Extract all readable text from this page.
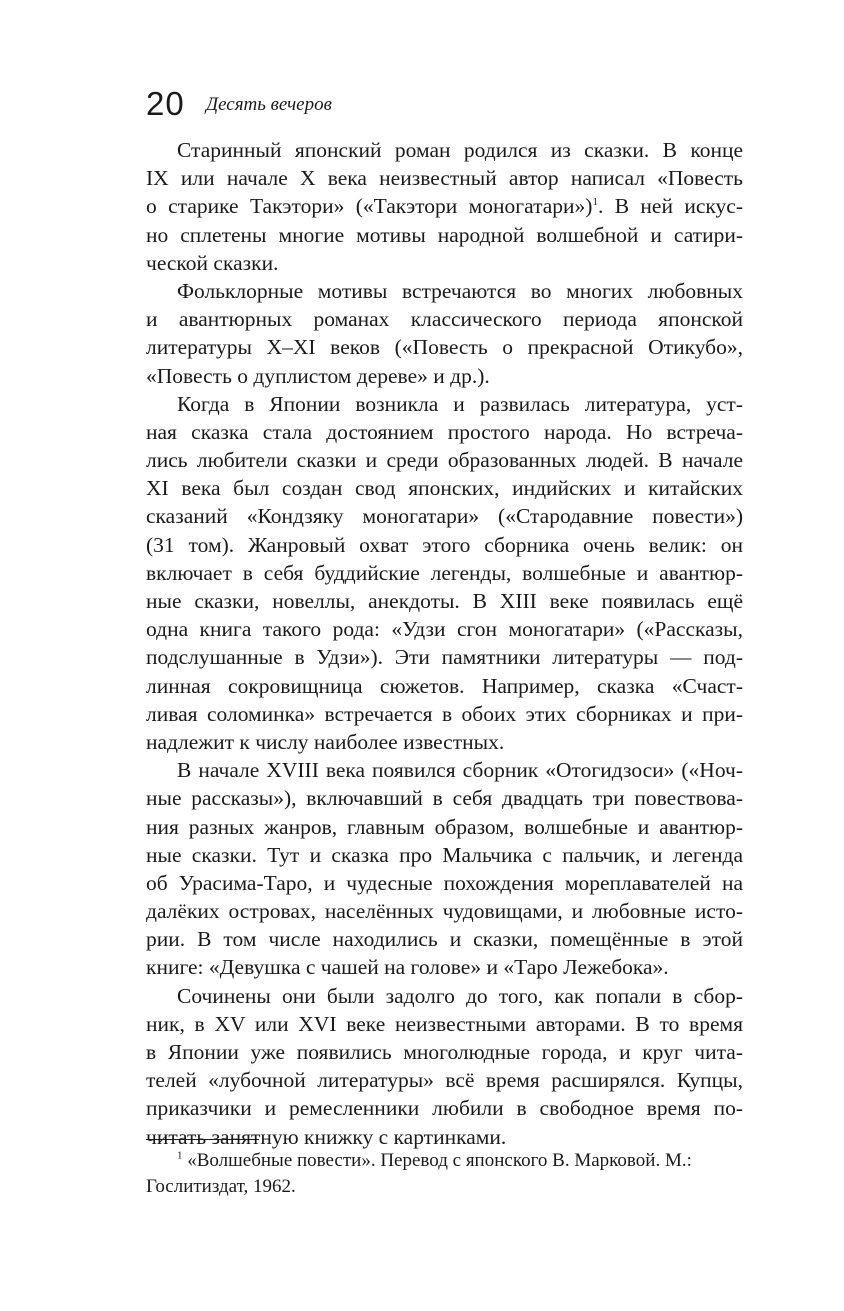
20 Десять вечеров
Старинный японский роман родился из сказки. В конце
IX или начале X века неизвестный автор написал «Повесть
о старике Такэтори» («Такэтори моногатари»)$^1$. В ней искус-
но сплетены многие мотивы народной волшебной и сатири-
ческой сказки.
Фольклорные мотивы встречаются во многих любовных
и авантюрных романах классического периода японской
литературы X–XI веков («Повесть о прекрасной Отикубо»,
«Повесть о дуплистом дереве» и др.).
Когда в Японии возникла и развилась литература, уст-
ная сказка стала достоянием простого народа. Но встреча-
лись любители сказки и среди образованных людей. В начале
XI века был создан свод японских, индийских и китайских
сказаний «Кондзяку моногатари» («Стародавние повести»)
(31 том). Жанровый охват этого сборника очень велик: он
включает в себя буддийские легенды, волшебные и авантюр-
ные сказки, новеллы, анекдоты. В XIII веке появилась ещё
одна книга такого рода: «Удзи сгон моногатари» («Рассказы,
подслушанные в Удзи»). Эти памятники литературы — под-
линная сокровищница сюжетов. Например, сказка «Счаст-
ливая соломинка» встречается в обоих этих сборниках и при-
надлежит к числу наиболее известных.
В начале XVIII века появился сборник «Отогидзоси» («Ноч-
ные рассказы»), включавший в себя двадцать три повествова-
ния разных жанров, главным образом, волшебные и авантюр-
ные сказки. Тут и сказка про Мальчика с пальчик, и легенда
об Урасима-Таро, и чудесные похождения мореплавателей на
далёких островах, населённых чудовищами, и любовные исто-
рии. В том числе находились и сказки, помещённые в этой
книге: «Девушка с чашей на голове» и «Таро Лежебока».
Сочинены они были задолго до того, как попали в сбор-
ник, в XV или XVI веке неизвестными авторами. В то время
в Японии уже появились многолюдные города, и круг чита-
телей «лубочной литературы» всё время расширялся. Купцы,
приказчики и ремесленники любили в свободное время по-
читать занятную книжку с картинками.
$^1$ «Волшебные повести». Перевод с японского В. Марковой. М.:
Гослитиздат, 1962.
